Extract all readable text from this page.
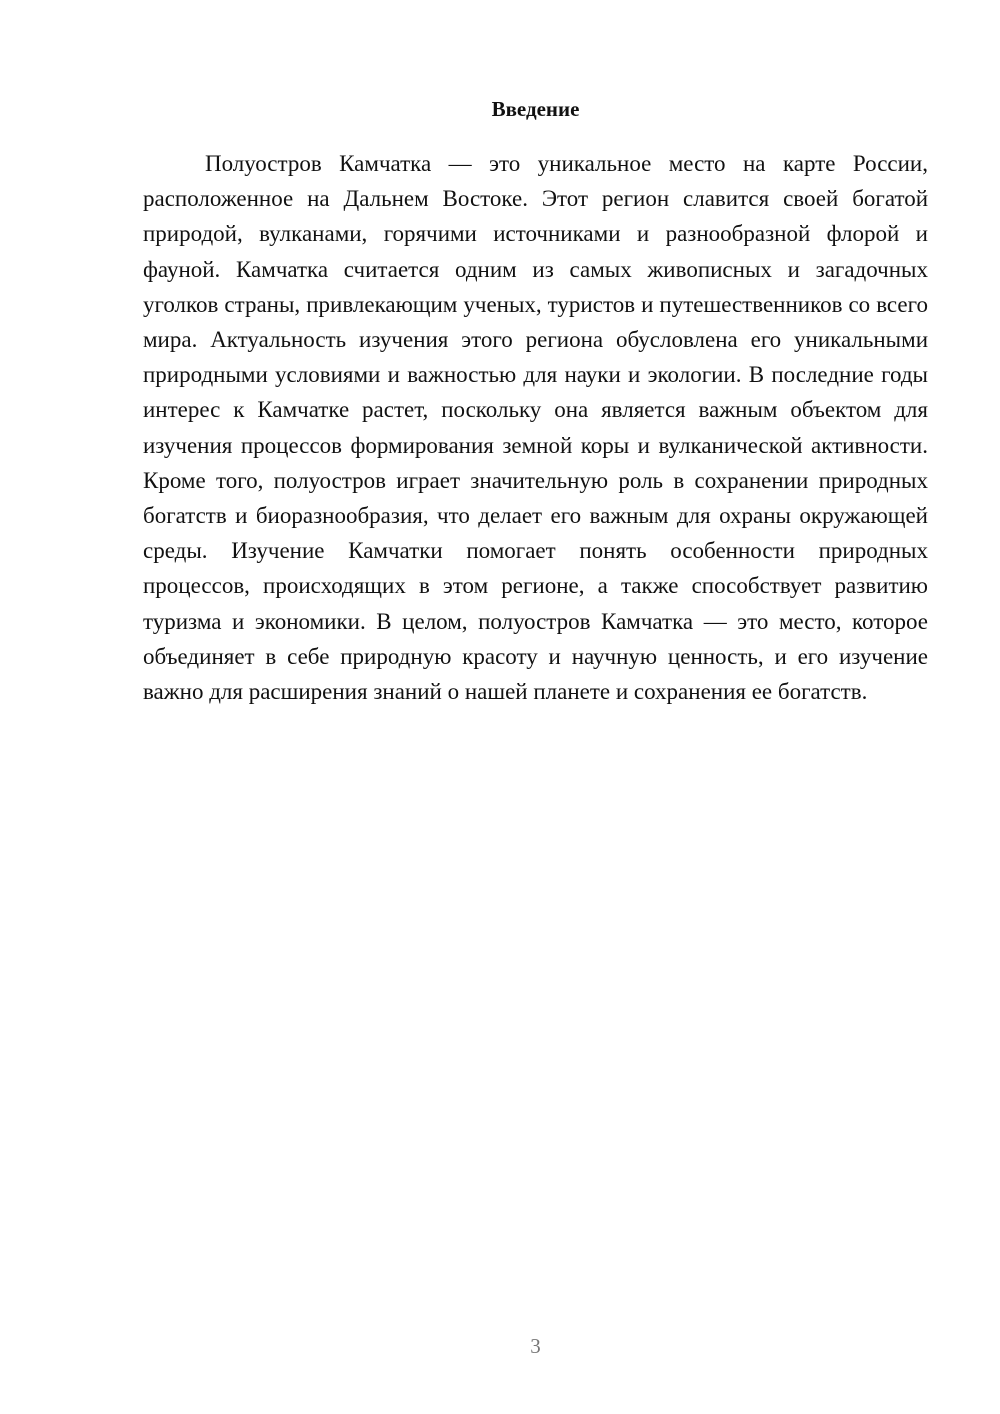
Введение

Полуостров Камчатка — это уникальное место на карте России, расположенное на Дальнем Востоке. Этот регион славится своей богатой природой, вулканами, горячими источниками и разнообразной флорой и фауной. Камчатка считается одним из самых живописных и загадочных уголков страны, привлекающим ученых, туристов и путешественников со всего мира. Актуальность изучения этого региона обусловлена его уникальными природными условиями и важностью для науки и экологии. В последние годы интерес к Камчатке растет, поскольку она является важным объектом для изучения процессов формирования земной коры и вулканической активности. Кроме того, полуостров играет значительную роль в сохранении природных богатств и биоразнообразия, что делает его важным для охраны окружающей среды. Изучение Камчатки помогает понять особенности природных процессов, происходящих в этом регионе, а также способствует развитию туризма и экономики. В целом, полуостров Камчатка — это место, которое объединяет в себе природную красоту и научную ценность, и его изучение важно для расширения знаний о нашей планете и сохранения ее богатств.

3
